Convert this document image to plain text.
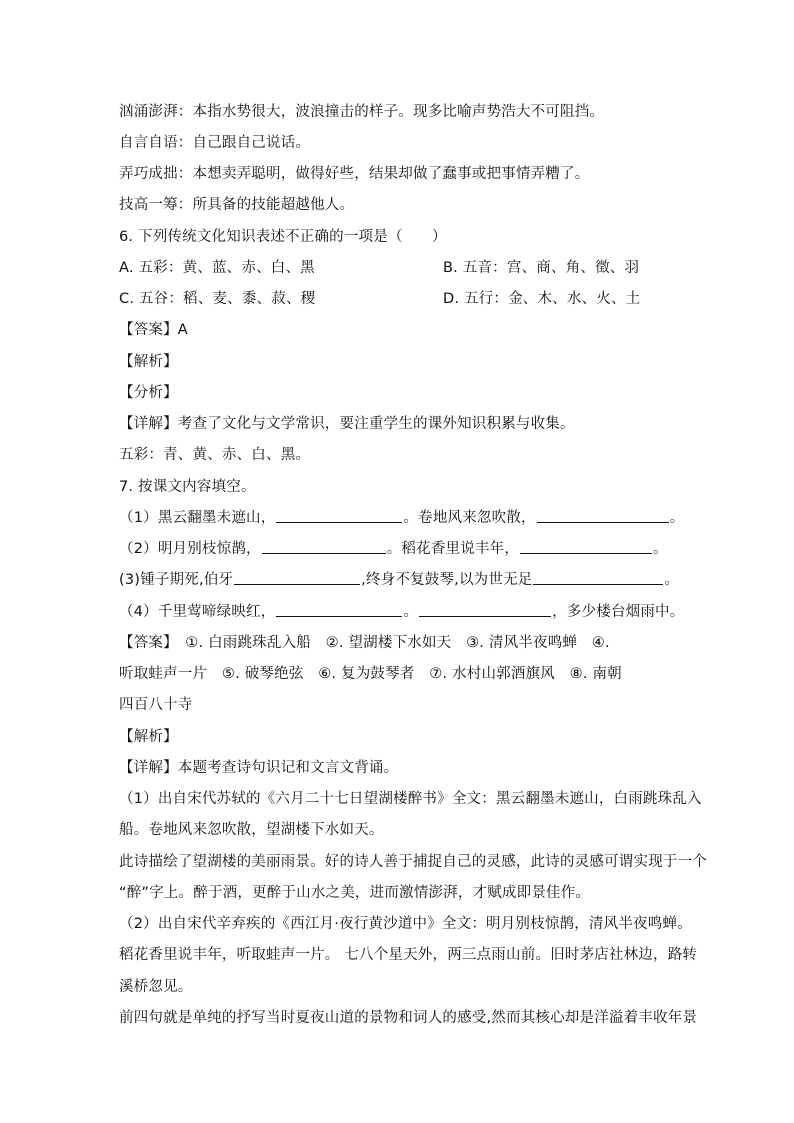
汹涌澎湃：本指水势很大，波浪撞击的样子。现多比喻声势浩大不可阻挡。
自言自语：自己跟自己说话。
弄巧成拙：本想卖弄聪明，做得好些，结果却做了蠢事或把事情弄糟了。
技高一筹：所具备的技能超越他人。
6. 下列传统文化知识表述不正确的一项是（　　）
A. 五彩：黄、蓝、赤、白、黑	B. 五音：宫、商、角、徵、羽
C. 五谷：稻、麦、黍、菽、稷	D. 五行：金、木、水、火、土
【答案】A
【解析】
【分析】
【详解】考查了文化与文学常识，要注重学生的课外知识积累与收集。
五彩：青、黄、赤、白、黑。
7. 按课文内容填空。
（1）黑云翻墨未遮山，	。卷地风来忽吹散，	。
（2）明月别枝惊鹊，	。稻花香里说丰年，	。
(3)锺子期死,伯牙	,终身不复鼓琴,以为世无足	。
（4）千里莺啼绿映红，	。	，多少楼台烟雨中。
【答案】　①. 白雨跳珠乱入船　②. 望湖楼下水如天　③. 清风半夜鸣蝉　④.
听取蛙声一片　⑤. 破琴绝弦　⑥. 复为鼓琴者　⑦. 水村山郭酒旗风　⑧. 南朝
四百八十寺
【解析】
【详解】本题考查诗句识记和文言文背诵。
（1）出自宋代苏轼的《六月二十七日望湖楼醉书》全文：黑云翻墨未遮山，白雨跳珠乱入
船。卷地风来忽吹散，望湖楼下水如天。
此诗描绘了望湖楼的美丽雨景。好的诗人善于捕捉自己的灵感，此诗的灵感可谓实现于一个
“醉”字上。醉于酒，更醉于山水之美，进而激情澎湃，才赋成即景佳作。
（2）出自宋代辛弃疾的《西江月·夜行黄沙道中》全文：明月别枝惊鹊，清风半夜鸣蝉。
稻花香里说丰年，听取蛙声一片。 七八个星天外，两三点雨山前。旧时茅店社林边，路转
溪桥忽见。
前四句就是单纯的抒写当时夏夜山道的景物和词人的感受,然而其核心却是洋溢着丰收年景
